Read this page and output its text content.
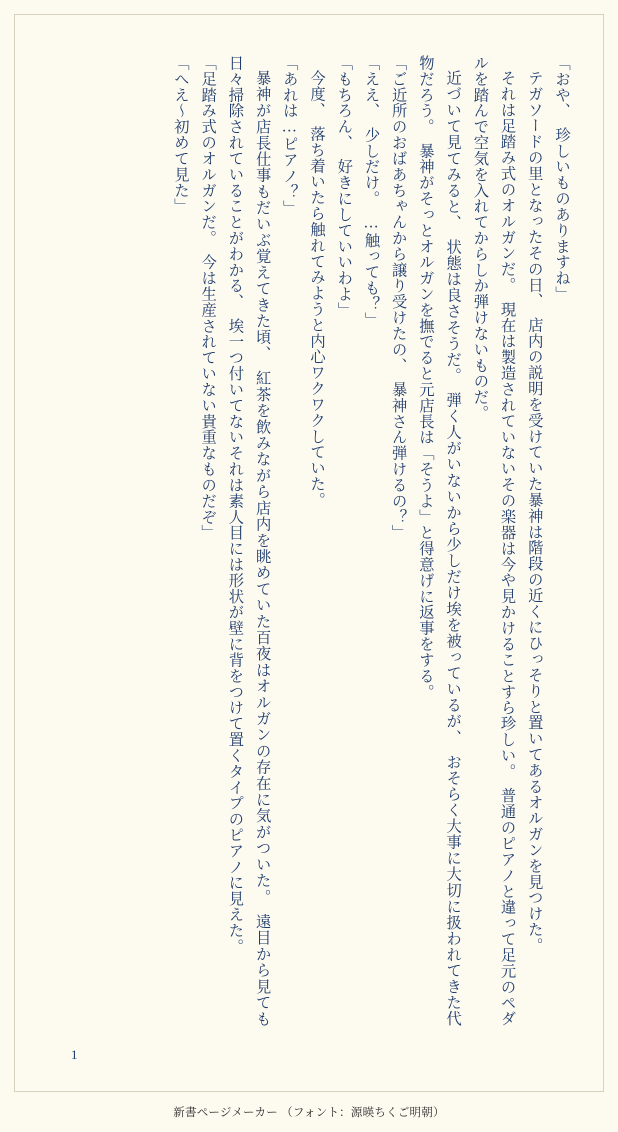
「おや、　珍しいものありますね」

テガソードの里となったその日、　店内の説明を受けていた暴神は階段の近くにひっそりと置いてあるオルガンを見つけた。

それは足踏み式のオルガンだ。　現在は製造されていないその楽器は今や見かけることすら珍しい。　普通のピアノと違って足元のペダルを踏んで空気を入れてからしか弾けないものだ。

近づいて見てみると、　状態は良さそうだ。　弾く人がいないから少しだけ埃を被っているが、　おそらく大事に大切に扱われてきた代物だろう。　暴神がそっとオルガンを撫でると元店長は「そうよ」と得意げに返事をする。

「ご近所のおばあちゃんから譲り受けたの、　暴神さん弾けるの？」

「ええ、　少しだけ。　…触っても？」

「もちろん、　好きにしていいわよ」

今度、　落ち着いたら触れてみようと内心ワクワクしていた。

「あれは…ピアノ？」

暴神が店長仕事もだいぶ覚えてきた頃、　紅茶を飲みながら店内を眺めていた百夜はオルガンの存在に気がついた。　遠目から見ても日々掃除されていることがわかる、　埃一つ付いてないそれは素人目には形状が壁に背をつけて置くタイプのピアノに見えた。

「足踏み式のオルガンだ。　今は生産されていない貴重なものだぞ」

「へえ〜初めて見た」

1
新書ページメーカー （フォント：源暎ちくご明朝）
